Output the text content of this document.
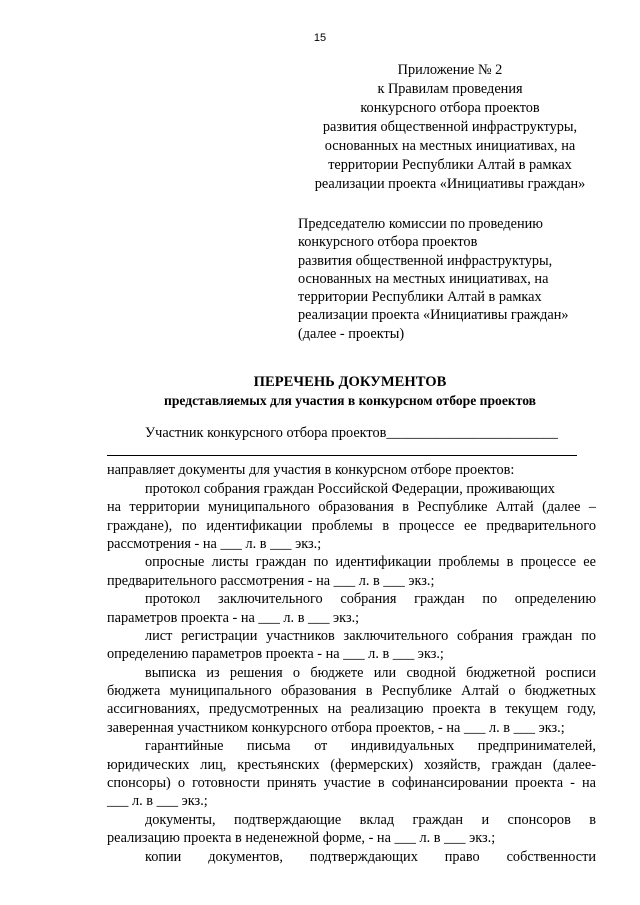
15
Приложение № 2
к Правилам проведения
конкурсного отбора проектов
развития общественной инфраструктуры,
основанных на местных инициативах, на
территории Республики Алтай в рамках
реализации проекта «Инициативы граждан»
Председателю комиссии по проведению
конкурсного отбора проектов
развития общественной инфраструктуры,
основанных на местных инициативах, на
территории Республики Алтай в рамках
реализации проекта «Инициативы граждан»
(далее - проекты)
ПЕРЕЧЕНЬ ДОКУМЕНТОВ
представляемых для участия в конкурсном отборе проектов
Участник конкурсного отбора проектов________________________
направляет документы для участия в конкурсном отборе проектов:
протокол собрания граждан Российской Федерации, проживающих
на территории муниципального образования в Республике Алтай (далее –
граждане), по идентификации проблемы в процессе ее предварительного
рассмотрения - на ___ л. в ___ экз.;
опросные листы граждан по идентификации проблемы в процессе ее
предварительного рассмотрения - на ___ л. в ___ экз.;
протокол заключительного собрания граждан по определению
параметров проекта - на ___ л. в ___ экз.;
лист регистрации участников заключительного собрания граждан по
определению параметров проекта - на ___ л. в ___ экз.;
выписка из решения о бюджете или сводной бюджетной росписи
бюджета муниципального образования в Республике Алтай о бюджетных
ассигнованиях, предусмотренных на реализацию проекта в текущем году,
заверенная участником конкурсного отбора проектов, - на ___ л. в ___ экз.;
гарантийные письма от индивидуальных предпринимателей,
юридических лиц, крестьянских (фермерских) хозяйств, граждан (далее-
спонсоры) о готовности принять участие в софинансировании проекта - на
___ л. в ___ экз.;
документы, подтверждающие вклад граждан и спонсоров в
реализацию проекта в неденежной форме, - на ___ л. в ___ экз.;
копии документов, подтверждающих право собственности
